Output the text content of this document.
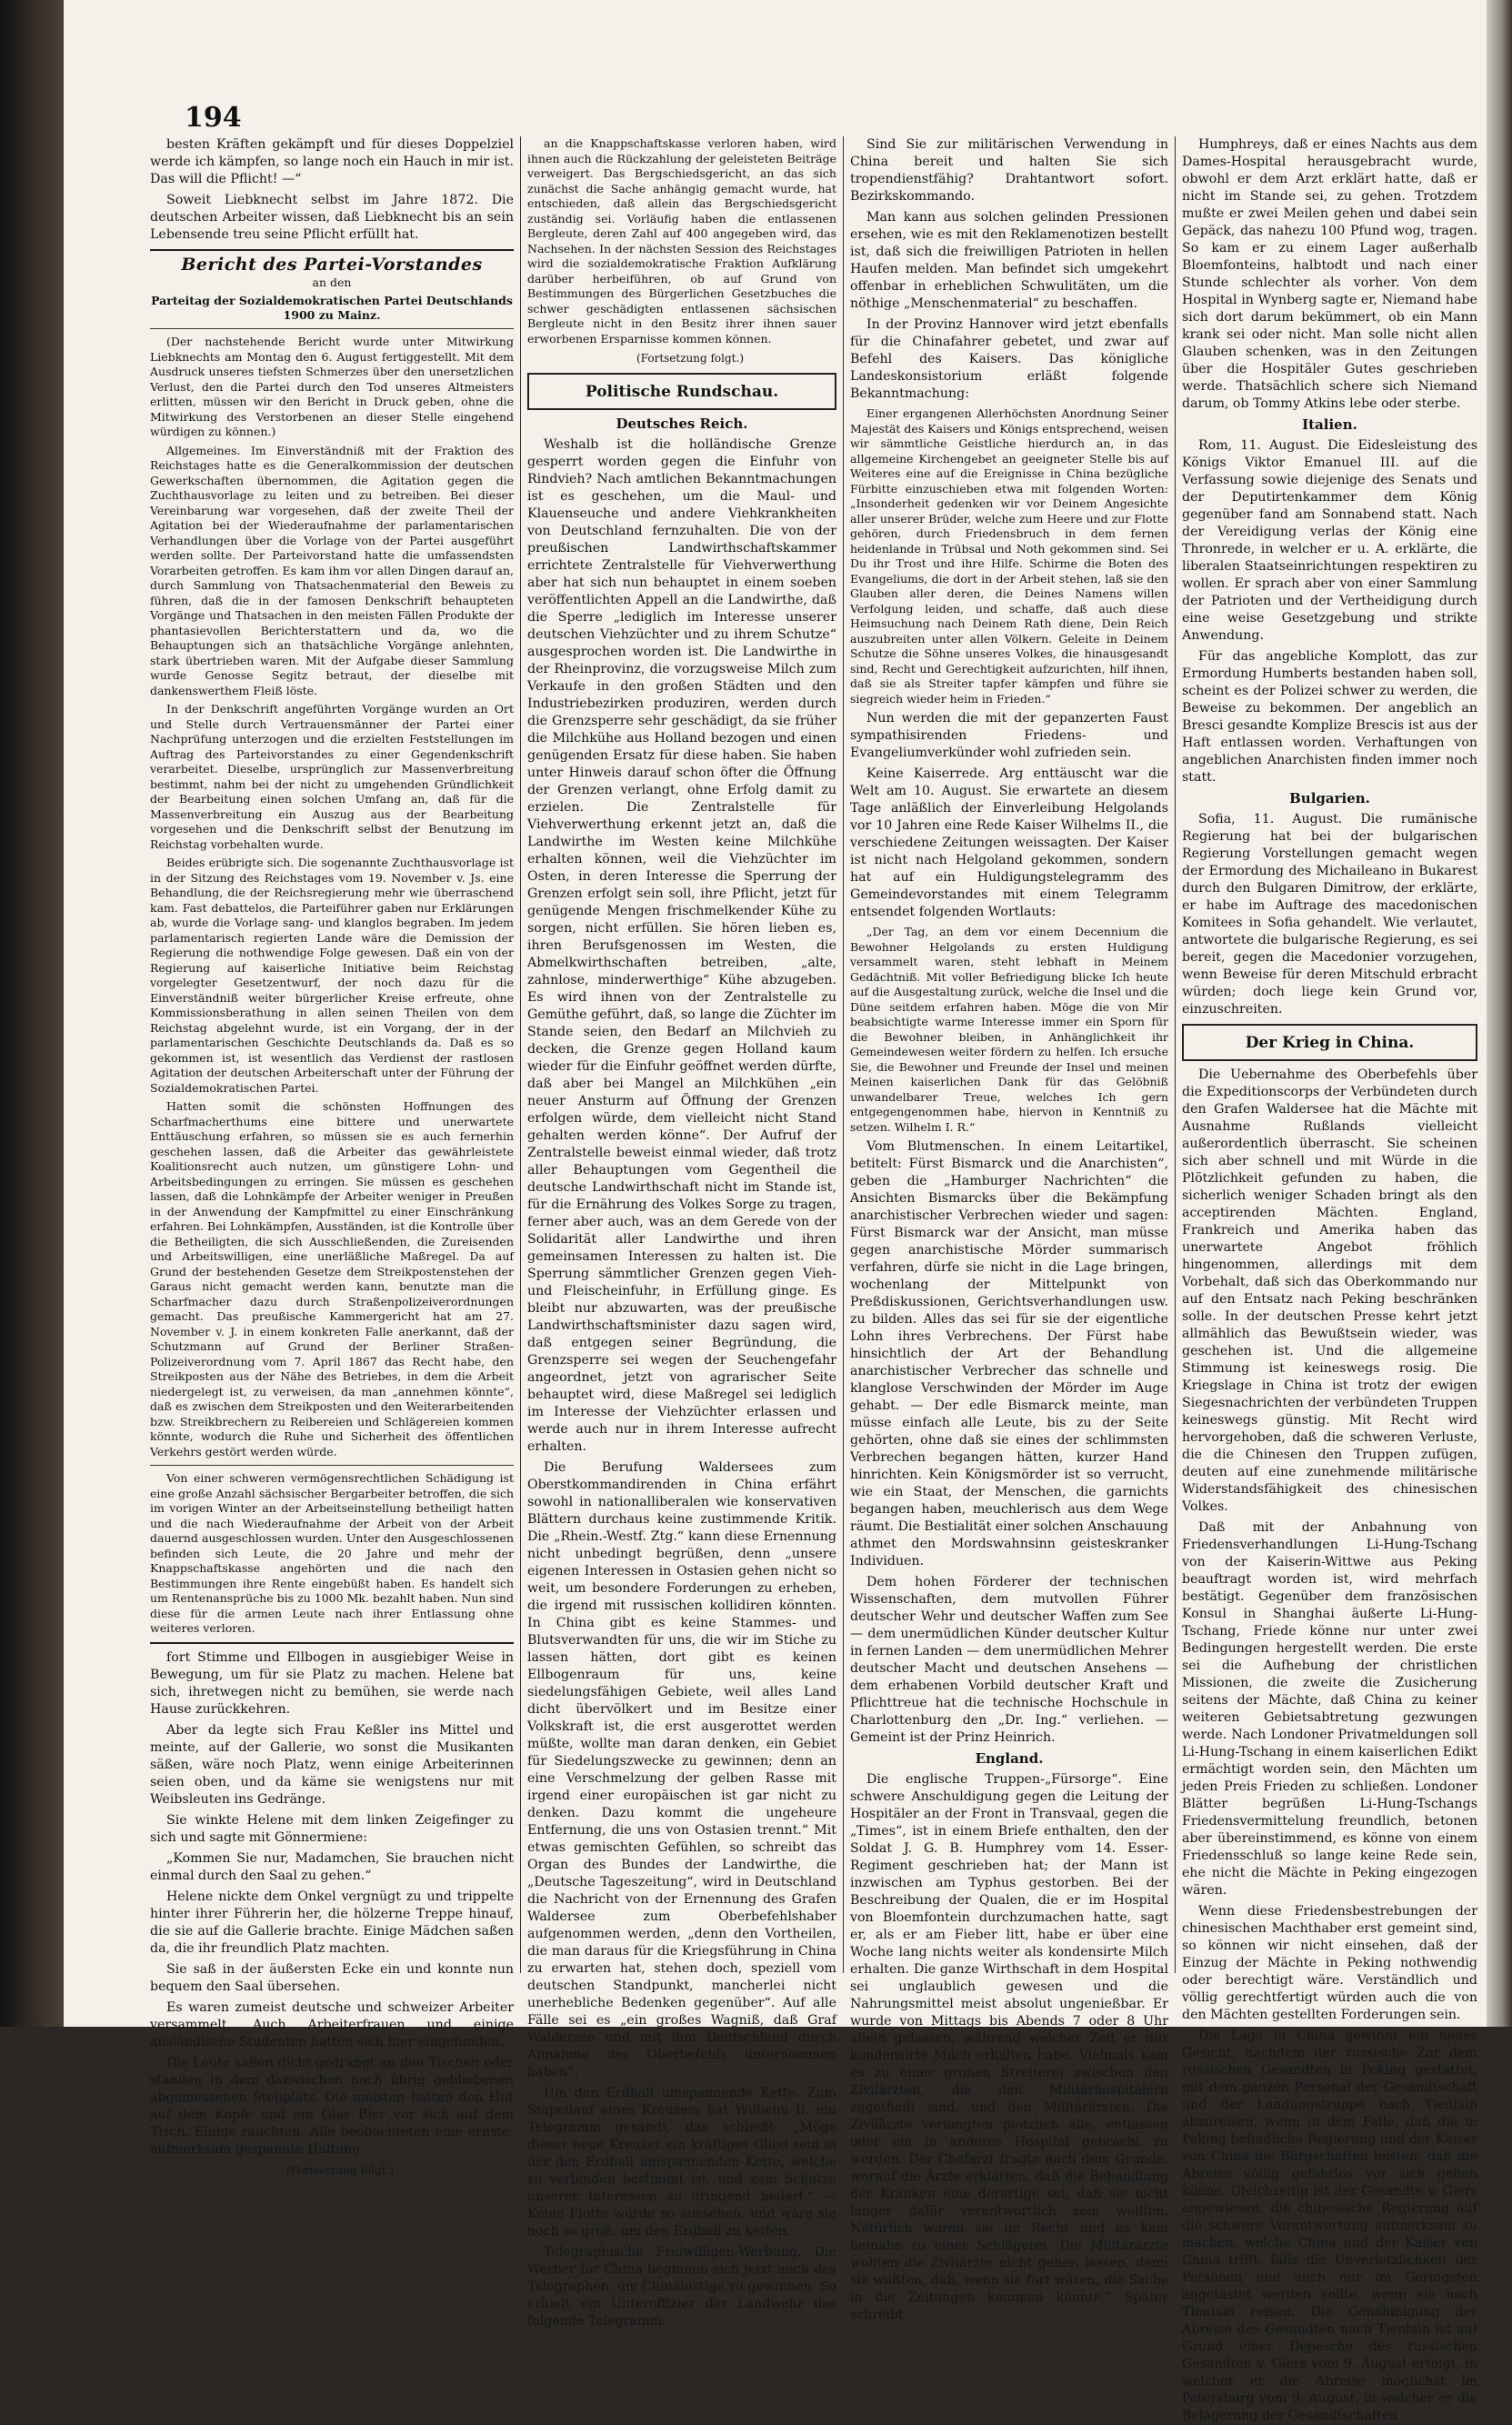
194

besten Kräften gekämpft und für dieses Doppelziel werde ich kämpfen, so lange noch ein Hauch in mir ist. Das will die Pflicht! —“

Soweit Liebknecht selbst im Jahre 1872. Die deutschen Arbeiter wissen, daß Liebknecht bis an sein Lebensende treu seine Pflicht erfüllt hat.

Bericht des Partei-Vorstandes

an den

Parteitag der Sozialdemokratischen Partei Deutschlands 1900 zu Mainz.

(Der nachstehende Bericht wurde unter Mitwirkung Liebknechts am Montag den 6. August fertiggestellt. Mit dem Ausdruck unseres tiefsten Schmerzes über den unersetzlichen Verlust, den die Partei durch den Tod unseres Altmeisters erlitten, müssen wir den Bericht in Druck geben, ohne die Mitwirkung des Verstorbenen an dieser Stelle eingehend würdigen zu können.)

Allgemeines. Im Einverständniß mit der Fraktion des Reichstages hatte es die Generalkommission der deutschen Gewerkschaften übernommen, die Agitation gegen die Zuchthausvorlage zu leiten und zu betreiben. Bei dieser Vereinbarung war vorgesehen, daß der zweite Theil der Agitation bei der Wiederaufnahme der parlamentarischen Verhandlungen über die Vorlage von der Partei ausgeführt werden sollte. Der Parteivorstand hatte die umfassendsten Vorarbeiten getroffen. Es kam ihm vor allen Dingen darauf an, durch Sammlung von Thatsachenmaterial den Beweis zu führen, daß die in der famosen Denkschrift behaupteten Vorgänge und Thatsachen in den meisten Fällen Produkte der phantasievollen Berichterstattern und da, wo die Behauptungen sich an thatsächliche Vorgänge anlehnten, stark übertrieben waren. Mit der Aufgabe dieser Sammlung wurde Genosse Segitz betraut, der dieselbe mit dankenswerthem Fleiß löste.

In der Denkschrift angeführten Vorgänge wurden an Ort und Stelle durch Vertrauensmänner der Partei einer Nachprüfung unterzogen und die erzielten Feststellungen im Auftrag des Parteivorstandes zu einer Gegendenkschrift verarbeitet. Dieselbe, ursprünglich zur Massenverbreitung bestimmt, nahm bei der nicht zu umgehenden Gründlichkeit der Bearbeitung einen solchen Umfang an, daß für die Massenverbreitung ein Auszug aus der Bearbeitung vorgesehen und die Denkschrift selbst der Benutzung im Reichstag vorbehalten wurde.

Beides erübrigte sich. Die sogenannte Zuchthausvorlage ist in der Sitzung des Reichstages vom 19. November v. Js. eine Behandlung, die der Reichsregierung mehr wie überraschend kam. Fast debattelos, die Parteiführer gaben nur Erklärungen ab, wurde die Vorlage sang- und klanglos begraben. Im jedem parlamentarisch regierten Lande wäre die Demission der Regierung die nothwendige Folge gewesen. Daß ein von der Regierung auf kaiserliche Initiative beim Reichstag vorgelegter Gesetzentwurf, der noch dazu für die Einverständniß weiter bürgerlicher Kreise erfreute, ohne Kommissionsberathung in allen seinen Theilen von dem Reichstag abgelehnt wurde, ist ein Vorgang, der in der parlamentarischen Geschichte Deutschlands da. Daß es so gekommen ist, ist wesentlich das Verdienst der rastlosen Agitation der deutschen Arbeiterschaft unter der Führung der Sozialdemokratischen Partei.

Hatten somit die schönsten Hoffnungen des Scharfmacherthums eine bittere und unerwartete Enttäuschung erfahren, so müssen sie es auch fernerhin geschehen lassen, daß die Arbeiter das gewährleistete Koalitionsrecht auch nutzen, um günstigere Lohn- und Arbeitsbedingungen zu erringen. Sie müssen es geschehen lassen, daß die Lohnkämpfe der Arbeiter weniger in Preußen in der Anwendung der Kampfmittel zu einer Einschränkung erfahren. Bei Lohnkämpfen, Ausständen, ist die Kontrolle über die Betheiligten, die sich Ausschließenden, die Zureisenden und Arbeitswilligen, eine unerläßliche Maßregel. Da auf Grund der bestehenden Gesetze dem Streikpostenstehen der Garaus nicht gemacht werden kann, benutzte man die Scharfmacher dazu durch Straßenpolizeiverordnungen gemacht. Das preußische Kammergericht hat am 27. November v. J. in einem konkreten Falle anerkannt, daß der Schutzmann auf Grund der Berliner Straßen-Polizeiverordnung vom 7. April 1867 das Recht habe, den Streikposten aus der Nähe des Betriebes, in dem die Arbeit niedergelegt ist, zu verweisen, da man „annehmen könnte“, daß es zwischen dem Streikposten und den Weiterarbeitenden bzw. Streikbrechern zu Reibereien und Schlägereien kommen könnte, wodurch die Ruhe und Sicherheit des öffentlichen Verkehrs gestört werden würde.

Von einer schweren vermögensrechtlichen Schädigung ist eine große Anzahl sächsischer Bergarbeiter betroffen, die sich im vorigen Winter an der Arbeitseinstellung betheiligt hatten und die nach Wiederaufnahme der Arbeit von der Arbeit dauernd ausgeschlossen wurden. Unter den Ausgeschlossenen befinden sich Leute, die 20 Jahre und mehr der Knappschaftskasse angehörten und die nach den Bestimmungen ihre Rente eingebüßt haben. Es handelt sich um Rentenansprüche bis zu 1000 Mk. bezahlt haben. Nun sind diese für die armen Leute nach ihrer Entlassung ohne weiteres verloren.

fort Stimme und Ellbogen in ausgiebiger Weise in Bewegung, um für sie Platz zu machen. Helene bat sich, ihretwegen nicht zu bemühen, sie werde nach Hause zurückkehren.

Aber da legte sich Frau Keßler ins Mittel und meinte, auf der Gallerie, wo sonst die Musikanten säßen, wäre noch Platz, wenn einige Arbeiterinnen seien oben, und da käme sie wenigstens nur mit Weibsleuten ins Gedränge.

Sie winkte Helene mit dem linken Zeigefinger zu sich und sagte mit Gönnermiene:

„Kommen Sie nur, Madamchen, Sie brauchen nicht einmal durch den Saal zu gehen.“

Helene nickte dem Onkel vergnügt zu und trippelte hinter ihrer Führerin her, die hölzerne Treppe hinauf, die sie auf die Gallerie brachte. Einige Mädchen saßen da, die ihr freundlich Platz machten.

Sie saß in der äußersten Ecke ein und konnte nun bequem den Saal übersehen.

Es waren zumeist deutsche und schweizer Arbeiter versammelt. Auch Arbeiterfrauen und einige ausländische Studenten hatten sich hier eingefunden.

Die Leute saßen dicht gedrängt an den Tischen oder standen in dem dazwischen noch übrig gebliebenen abgemessenen Stehplatz. Die meisten hatten den Hut auf dem Kopfe und ein Glas Bier vor sich auf dem Tisch. Einige rauchten. Alle beobachteten eine ernste, aufmerksam gespannte Haltung.

(Fortsetzung folgt.)

an die Knappschaftskasse verloren haben, wird ihnen auch die Rückzahlung der geleisteten Beiträge verweigert. Das Bergschiedsgericht, an das sich zunächst die Sache anhängig gemacht wurde, hat entschieden, daß allein das Bergschiedsgericht zuständig sei. Vorläufig haben die entlassenen Bergleute, deren Zahl auf 400 angegeben wird, das Nachsehen. In der nächsten Session des Reichstages wird die sozialdemokratische Fraktion Aufklärung darüber herbeiführen, ob auf Grund von Bestimmungen des Bürgerlichen Gesetzbuches die schwer geschädigten entlassenen sächsischen Bergleute nicht in den Besitz ihrer ihnen sauer erworbenen Ersparnisse kommen können.

(Fortsetzung folgt.)

Politische Rundschau.
Deutsches Reich.

Weshalb ist die holländische Grenze gesperrt worden gegen die Einfuhr von Rindvieh? Nach amtlichen Bekanntmachungen ist es geschehen, um die Maul- und Klauenseuche und andere Viehkrankheiten von Deutschland fernzuhalten. Die von der preußischen Landwirthschaftskammer errichtete Zentralstelle für Viehverwerthung aber hat sich nun behauptet in einem soeben veröffentlichten Appell an die Landwirthe, daß die Sperre „lediglich im Interesse unserer deutschen Viehzüchter und zu ihrem Schutze“ ausgesprochen worden ist. Die Landwirthe in der Rheinprovinz, die vorzugsweise Milch zum Verkaufe in den großen Städten und den Industriebezirken produziren, werden durch die Grenzsperre sehr geschädigt, da sie früher die Milchkühe aus Holland bezogen und einen genügenden Ersatz für diese haben. Sie haben unter Hinweis darauf schon öfter die Öffnung der Grenzen verlangt, ohne Erfolg damit zu erzielen. Die Zentralstelle für Viehverwerthung erkennt jetzt an, daß die Landwirthe im Westen keine Milchkühe erhalten können, weil die Viehzüchter im Osten, in deren Interesse die Sperrung der Grenzen erfolgt sein soll, ihre Pflicht, jetzt für genügende Mengen frischmelkender Kühe zu sorgen, nicht erfüllen. Sie hören lieben es, ihren Berufsgenossen im Westen, die Abmelkwirthschaften betreiben, „alte, zahnlose, minderwerthige“ Kühe abzugeben. Es wird ihnen von der Zentralstelle zu Gemüthe geführt, daß, so lange die Züchter im Stande seien, den Bedarf an Milchvieh zu decken, die Grenze gegen Holland kaum wieder für die Einfuhr geöffnet werden dürfte, daß aber bei Mangel an Milchkühen „ein neuer Ansturm auf Öffnung der Grenzen erfolgen würde, dem vielleicht nicht Stand gehalten werden könne“. Der Aufruf der Zentralstelle beweist einmal wieder, daß trotz aller Behauptungen vom Gegentheil die deutsche Landwirthschaft nicht im Stande ist, für die Ernährung des Volkes Sorge zu tragen, ferner aber auch, was an dem Gerede von der Solidarität aller Landwirthe und ihren gemeinsamen Interessen zu halten ist. Die Sperrung sämmtlicher Grenzen gegen Vieh- und Fleischeinfuhr, in Erfüllung ginge. Es bleibt nur abzuwarten, was der preußische Landwirthschaftsminister dazu sagen wird, daß entgegen seiner Begründung, die Grenzsperre sei wegen der Seuchengefahr angeordnet, jetzt von agrarischer Seite behauptet wird, diese Maßregel sei lediglich im Interesse der Viehzüchter erlassen und werde auch nur in ihrem Interesse aufrecht erhalten.

Die Berufung Waldersees zum Oberstkommandirenden in China erfährt sowohl in nationalliberalen wie konservativen Blättern durchaus keine zustimmende Kritik. Die „Rhein.-Westf. Ztg.“ kann diese Ernennung nicht unbedingt begrüßen, denn „unsere eigenen Interessen in Ostasien gehen nicht so weit, um besondere Forderungen zu erheben, die irgend mit russischen kollidiren könnten. In China gibt es keine Stammes- und Blutsverwandten für uns, die wir im Stiche zu lassen hätten, dort gibt es keinen Ellbogenraum für uns, keine siedelungsfähigen Gebiete, weil alles Land dicht übervölkert und im Besitze einer Volkskraft ist, die erst ausgerottet werden müßte, wollte man daran denken, ein Gebiet für Siedelungszwecke zu gewinnen; denn an eine Verschmelzung der gelben Rasse mit irgend einer europäischen ist gar nicht zu denken. Dazu kommt die ungeheure Entfernung, die uns von Ostasien trennt.“ Mit etwas gemischten Gefühlen, so schreibt das Organ des Bundes der Landwirthe, die „Deutsche Tageszeitung“, wird in Deutschland die Nachricht von der Ernennung des Grafen Waldersee zum Oberbefehlshaber aufgenommen werden, „denn den Vortheilen, die man daraus für die Kriegsführung in China zu erwarten hat, stehen doch, speziell vom deutschen Standpunkt, mancherlei nicht unerhebliche Bedenken gegenüber“. Auf alle Fälle sei es „ein großes Wagniß, daß Graf Waldersee und mit ihm Deutschland durch Annahme des Oberbefehls unternommen haben“.

Um den Erdball umspannende Kette. Zum Stapellauf eines Kreuzers hat Wilhelm II. ein Telegramm gesandt, das schließt: „Möge dieser neue Kreuzer ein kräftiges Glied sein in der den Erdball umspannenden Kette, welche zu verbinden bestimmt ist, und zum Schutze unserer Interessen so dringend bedarf.“ — Keine Flotte würde so aussehen, und wäre sie noch so groß, um den Erdball zu ketten.

Telegraphische Freiwilligen-Werbung. Die Werber für China beginnen sich jetzt auch des Telegraphen, um Chinalustige zu gewinnen. So erhielt ein Unteroffizier der Landwehr das folgende Telegramm:

Sind Sie zur militärischen Verwendung in China bereit und halten Sie sich tropendienstfähig? Drahtantwort sofort. Bezirkskommando.

Man kann aus solchen gelinden Pressionen ersehen, wie es mit den Reklamenotizen bestellt ist, daß sich die freiwilligen Patrioten in hellen Haufen melden. Man befindet sich umgekehrt offenbar in erheblichen Schwulitäten, um die nöthige „Menschenmaterial“ zu beschaffen.

In der Provinz Hannover wird jetzt ebenfalls für die Chinafahrer gebetet, und zwar auf Befehl des Kaisers. Das königliche Landeskonsistorium erläßt folgende Bekanntmachung:

Einer ergangenen Allerhöchsten Anordnung Seiner Majestät des Kaisers und Königs entsprechend, weisen wir sämmtliche Geistliche hierdurch an, in das allgemeine Kirchengebet an geeigneter Stelle bis auf Weiteres eine auf die Ereignisse in China bezügliche Fürbitte einzuschieben etwa mit folgenden Worten: „Insonderheit gedenken wir vor Deinem Angesichte aller unserer Brüder, welche zum Heere und zur Flotte gehören, durch Friedensbruch in dem fernen heidenlande in Trübsal und Noth gekommen sind. Sei Du ihr Trost und ihre Hilfe. Schirme die Boten des Evangeliums, die dort in der Arbeit stehen, laß sie den Glauben aller deren, die Deines Namens willen Verfolgung leiden, und schaffe, daß auch diese Heimsuchung nach Deinem Rath diene, Dein Reich auszubreiten unter allen Völkern. Geleite in Deinem Schutze die Söhne unseres Volkes, die hinausgesandt sind, Recht und Gerechtigkeit aufzurichten, hilf ihnen, daß sie als Streiter tapfer kämpfen und führe sie siegreich wieder heim in Frieden.“

Nun werden die mit der gepanzerten Faust sympathisirenden Friedens- und Evangeliumverkünder wohl zufrieden sein.

Keine Kaiserrede. Arg enttäuscht war die Welt am 10. August. Sie erwartete an diesem Tage anläßlich der Einverleibung Helgolands vor 10 Jahren eine Rede Kaiser Wilhelms II., die verschiedene Zeitungen weissagten. Der Kaiser ist nicht nach Helgoland gekommen, sondern hat auf ein Huldigungstelegramm des Gemeindevorstandes mit einem Telegramm entsendet folgenden Wortlauts:

„Der Tag, an dem vor einem Decennium die Bewohner Helgolands zu ersten Huldigung versammelt waren, steht lebhaft in Meinem Gedächtniß. Mit voller Befriedigung blicke Ich heute auf die Ausgestaltung zurück, welche die Insel und die Düne seitdem erfahren haben. Möge die von Mir beabsichtigte warme Interesse immer ein Sporn für die Bewohner bleiben, in Anhänglichkeit ihr Gemeindewesen weiter fördern zu helfen. Ich ersuche Sie, die Bewohner und Freunde der Insel und meinen Meinen kaiserlichen Dank für das Gelöbniß unwandelbarer Treue, welches Ich gern entgegengenommen habe, hiervon in Kenntniß zu setzen. Wilhelm I. R.“

Vom Blutmenschen. In einem Leitartikel, betitelt: Fürst Bismarck und die Anarchisten“, geben die „Hamburger Nachrichten“ die Ansichten Bismarcks über die Bekämpfung anarchistischer Verbrechen wieder und sagen: Fürst Bismarck war der Ansicht, man müsse gegen anarchistische Mörder summarisch verfahren, dürfe sie nicht in die Lage bringen, wochenlang der Mittelpunkt von Preßdiskussionen, Gerichtsverhandlungen usw. zu bilden. Alles das sei für sie der eigentliche Lohn ihres Verbrechens. Der Fürst habe hinsichtlich der Art der Behandlung anarchistischer Verbrecher das schnelle und klanglose Verschwinden der Mörder im Auge gehabt. — Der edle Bismarck meinte, man müsse einfach alle Leute, bis zu der Seite gehörten, ohne daß sie eines der schlimmsten Verbrechen begangen hätten, kurzer Hand hinrichten. Kein Königsmörder ist so verrucht, wie ein Staat, der Menschen, die garnichts begangen haben, meuchlerisch aus dem Wege räumt. Die Bestialität einer solchen Anschauung athmet den Mordswahnsinn geisteskranker Individuen.

Dem hohen Förderer der technischen Wissenschaften, dem mutvollen Führer deutscher Wehr und deutscher Waffen zum See — dem unermüdlichen Künder deutscher Kultur in fernen Landen — dem unermüdlichen Mehrer deutscher Macht und deutschen Ansehens — dem erhabenen Vorbild deutscher Kraft und Pflichttreue hat die technische Hochschule in Charlottenburg den „Dr. Ing.“ verliehen. — Gemeint ist der Prinz Heinrich.

England.

Die englische Truppen-„Fürsorge“. Eine schwere Anschuldigung gegen die Leitung der Hospitäler an der Front in Transvaal, gegen die „Times“, ist in einem Briefe enthalten, den der Soldat J. G. B. Humphrey vom 14. Esser-Regiment geschrieben hat; der Mann ist inzwischen am Typhus gestorben. Bei der Beschreibung der Qualen, die er im Hospital von Bloemfontein durchzumachen hatte, sagt er, als er am Fieber litt, habe er über eine Woche lang nichts weiter als kondensirte Milch erhalten. Die ganze Wirthschaft in dem Hospital sei unglaublich gewesen und die Nahrungsmittel meist absolut ungenießbar. Er wurde von Mittags bis Abends 7 oder 8 Uhr allein gelassen, während welcher Zeit er nur kondensirte Milch erhalten habe. Vielmals kam es zu einer großen Streiterei zwischen den Zivilärzten, die den Militärhospitälern zugetheilt sind, und den Militärärzten. Die Zivilärzte verlangten plötzlich alle, entlassen oder ein in anderes Hospital gebracht zu werden. Der Chefarzt fragte nach dem Grunde, worauf die Ärzte erklärten, daß die Behandlung der Kranken eine derartige sei, daß sie nicht länger dafür verantwortlich sein wollten. Natürlich waren sie im Recht und es kam beinahe zu einer Schlägerei. Die Militärärzte wollten die Zivilärzte nicht gehen lassen, denn sie wußten, daß, wenn sie fort wären, die Sache in die Zeitungen kommen könnte.“ Später schreibt

Humphreys, daß er eines Nachts aus dem Dames-Hospital herausgebracht wurde, obwohl er dem Arzt erklärt hatte, daß er nicht im Stande sei, zu gehen. Trotzdem mußte er zwei Meilen gehen und dabei sein Gepäck, das nahezu 100 Pfund wog, tragen. So kam er zu einem Lager außerhalb Bloemfonteins, halbtodt und nach einer Stunde schlechter als vorher. Von dem Hospital in Wynberg sagte er, Niemand habe sich dort darum bekümmert, ob ein Mann krank sei oder nicht. Man solle nicht allen Glauben schenken, was in den Zeitungen über die Hospitäler Gutes geschrieben werde. Thatsächlich schere sich Niemand darum, ob Tommy Atkins lebe oder sterbe.

Italien.

Rom, 11. August. Die Eidesleistung des Königs Viktor Emanuel III. auf die Verfassung sowie diejenige des Senats und der Deputirtenkammer dem König gegenüber fand am Sonnabend statt. Nach der Vereidigung verlas der König eine Thronrede, in welcher er u. A. erklärte, die liberalen Staatseinrichtungen respektiren zu wollen. Er sprach aber von einer Sammlung der Patrioten und der Vertheidigung durch eine weise Gesetzgebung und strikte Anwendung.

Für das angebliche Komplott, das zur Ermordung Humberts bestanden haben soll, scheint es der Polizei schwer zu werden, die Beweise zu bekommen. Der angeblich an Bresci gesandte Komplize Brescis ist aus der Haft entlassen worden. Verhaftungen von angeblichen Anarchisten finden immer noch statt.

Bulgarien.

Sofia, 11. August. Die rumänische Regierung hat bei der bulgarischen Regierung Vorstellungen gemacht wegen der Ermordung des Michaileano in Bukarest durch den Bulgaren Dimitrow, der erklärte, er habe im Auftrage des macedonischen Komitees in Sofia gehandelt. Wie verlautet, antwortete die bulgarische Regierung, es sei bereit, gegen die Macedonier vorzugehen, wenn Beweise für deren Mitschuld erbracht würden; doch liege kein Grund vor, einzuschreiten.

Der Krieg in China.

Die Uebernahme des Oberbefehls über die Expeditionscorps der Verbündeten durch den Grafen Waldersee hat die Mächte mit Ausnahme Rußlands vielleicht außerordentlich überrascht. Sie scheinen sich aber schnell und mit Würde in die Plötzlichkeit gefunden zu haben, die sicherlich weniger Schaden bringt als den acceptirenden Mächten. England, Frankreich und Amerika haben das unerwartete Angebot fröhlich hingenommen, allerdings mit dem Vorbehalt, daß sich das Oberkommando nur auf den Entsatz nach Peking beschränken solle. In der deutschen Presse kehrt jetzt allmählich das Bewußtsein wieder, was geschehen ist. Und die allgemeine Stimmung ist keineswegs rosig. Die Kriegslage in China ist trotz der ewigen Siegesnachrichten der verbündeten Truppen keineswegs günstig. Mit Recht wird hervorgehoben, daß die schweren Verluste, die die Chinesen den Truppen zufügen, deuten auf eine zunehmende militärische Widerstandsfähigkeit des chinesischen Volkes.

Daß mit der Anbahnung von Friedensverhandlungen Li-Hung-Tschang von der Kaiserin-Wittwe aus Peking beauftragt worden ist, wird mehrfach bestätigt. Gegenüber dem französischen Konsul in Shanghai äußerte Li-Hung-Tschang, Friede könne nur unter zwei Bedingungen hergestellt werden. Die erste sei die Aufhebung der christlichen Missionen, die zweite die Zusicherung seitens der Mächte, daß China zu keiner weiteren Gebietsabtretung gezwungen werde. Nach Londoner Privatmeldungen soll Li-Hung-Tschang in einem kaiserlichen Edikt ermächtigt worden sein, den Mächten um jeden Preis Frieden zu schließen. Londoner Blätter begrüßen Li-Hung-Tschangs Friedensvermittelung freundlich, betonen aber übereinstimmend, es könne von einem Friedensschluß so lange keine Rede sein, ehe nicht die Mächte in Peking eingezogen wären.

Wenn diese Friedensbestrebungen der chinesischen Machthaber erst gemeint sind, so können wir nicht einsehen, daß der Einzug der Mächte in Peking nothwendig oder berechtigt wäre. Verständlich und völlig gerechtfertigt würden auch die von den Mächten gestellten Forderungen sein.

Die Lage in China gewinnt ein neues Gesicht, nachdem der russische Zar dem russischen Gesandten in Peking gestattet, mit dem ganzen Personal der Gesandtschaft und der Landungstruppe nach Tientsin abzureisen, wenn in dem Falle, daß die in Peking befindliche Regierung und der Kaiser von China die Bürgschaften leisten, daß die Abreise völlig gefahrlos vor sich gehen könne. Gleichzeitig ist der Gesandte v. Giers angewiesen, die chinesische Regierung auf die schwere Verantwortung aufmerksam zu machen, welche China und der Kaiser von China trifft, falls die Unverletzlichkeit der Personen und auch nur im Geringsten angetastet werden sollte, wenn sie nach Tientsin reisen. Die Genehmigung der Abreise des Gesandten nach Tientsin ist auf Grund einer Depesche des russischen Gesandten v. Giers vom 9. August erfolgt, in welcher er die Abreise möglichst im Petersburg vom 9. August, in welcher er die Belagerung der Gesandtschaften
